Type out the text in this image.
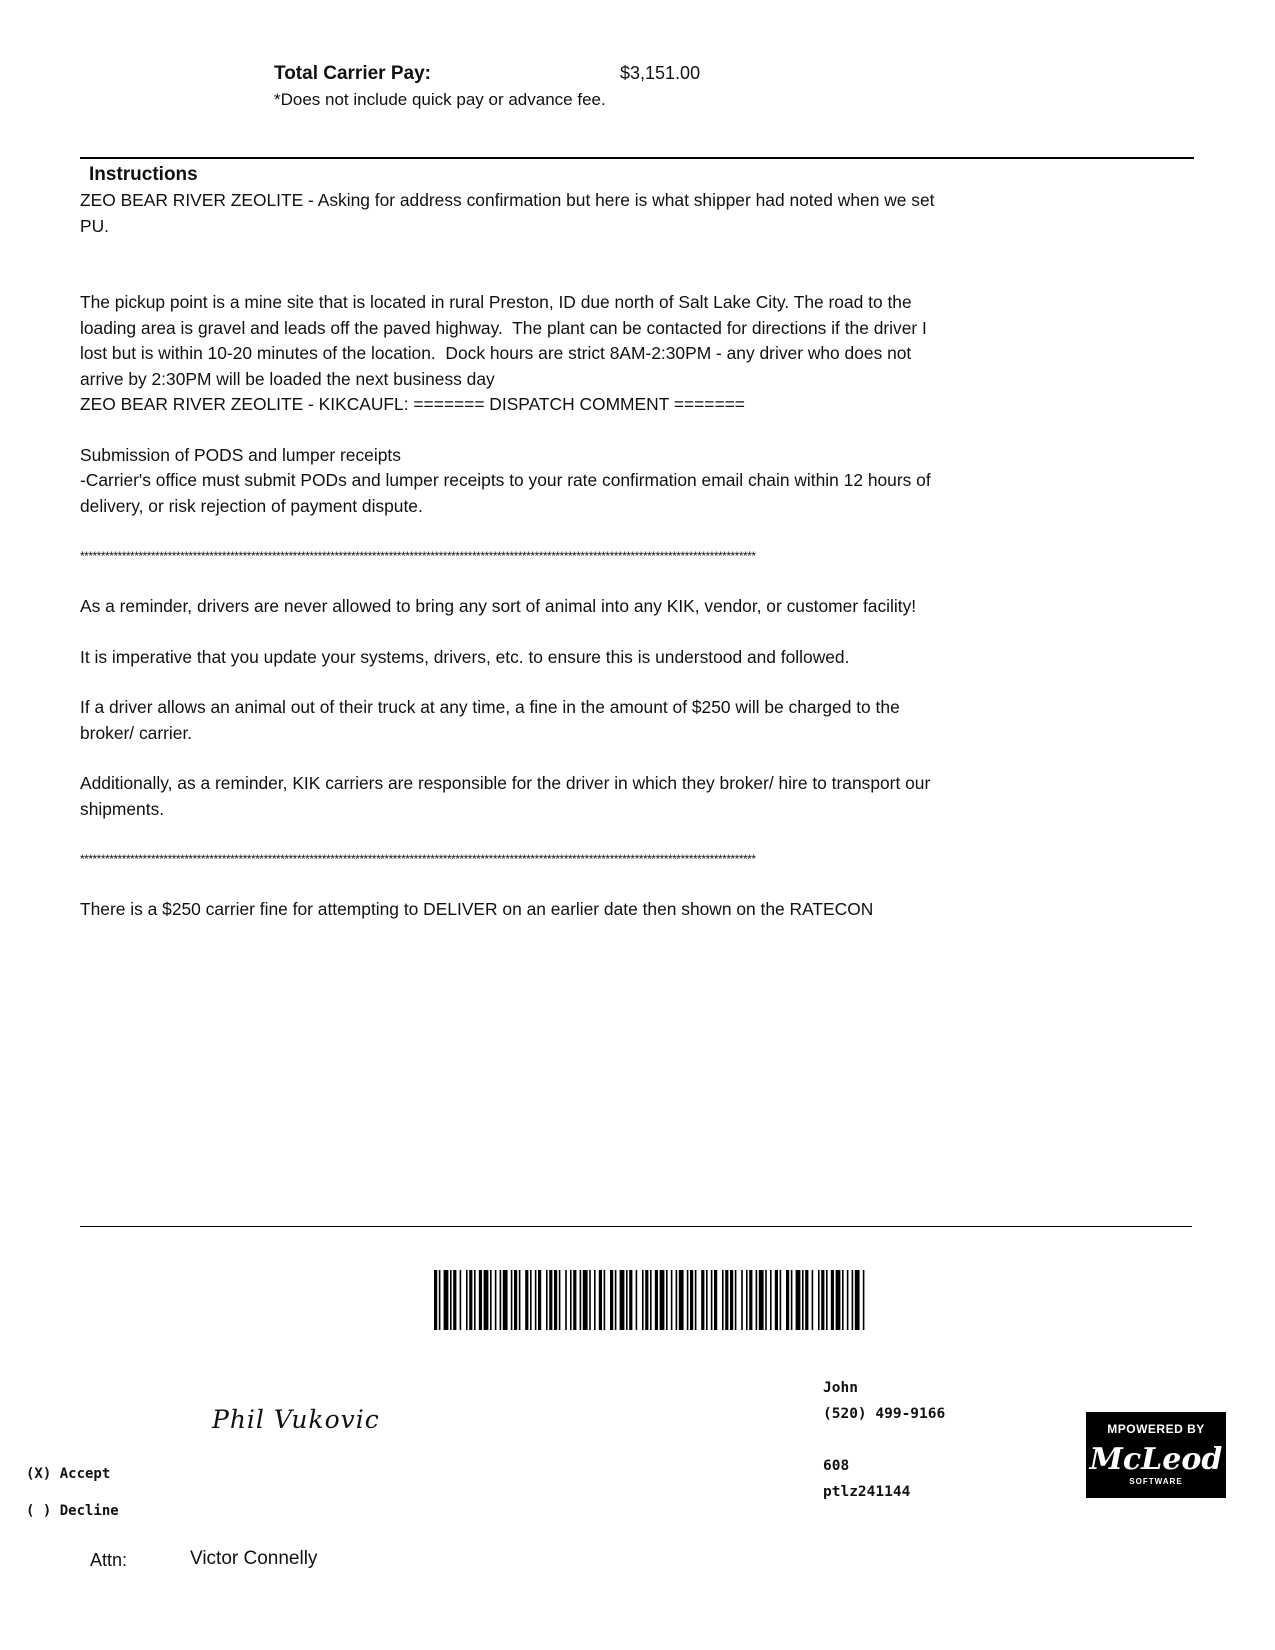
Total Carrier Pay:	$3,151.00
*Does not include quick pay or advance fee.
Instructions

ZEO BEAR RIVER ZEOLITE - Asking for address confirmation but here is what shipper had noted when we set
PU.

The pickup point is a mine site that is located in rural Preston, ID due north of Salt Lake City. The road to the
loading area is gravel and leads off the paved highway.  The plant can be contacted for directions if the driver I
lost but is within 10-20 minutes of the location.  Dock hours are strict 8AM-2:30PM - any driver who does not
arrive by 2:30PM will be loaded the next business day

ZEO BEAR RIVER ZEOLITE - KIKCAUFL: ======= DISPATCH COMMENT =======

Submission of PODS and lumper receipts
-Carrier's office must submit PODs and lumper receipts to your rate confirmation email chain within 12 hours of
delivery, or risk rejection of payment dispute.

******************************************************************************************************************************************************************

As a reminder, drivers are never allowed to bring any sort of animal into any KIK, vendor, or customer facility!

It is imperative that you update your systems, drivers, etc. to ensure this is understood and followed.

If a driver allows an animal out of their truck at any time, a fine in the amount of $250 will be charged to the
broker/ carrier.

Additionally, as a reminder, KIK carriers are responsible for the driver in which they broker/ hire to transport our
shipments.

******************************************************************************************************************************************************************

There is a $250 carrier fine for attempting to DELIVER on an earlier date then shown on the RATECON

Phil Vukovic
(X) Accept
( ) Decline
John
(520) 499-9166
608
ptlz241144
MPOWERED BY
McLeod
SOFTWARE
Attn:	Victor Connelly
